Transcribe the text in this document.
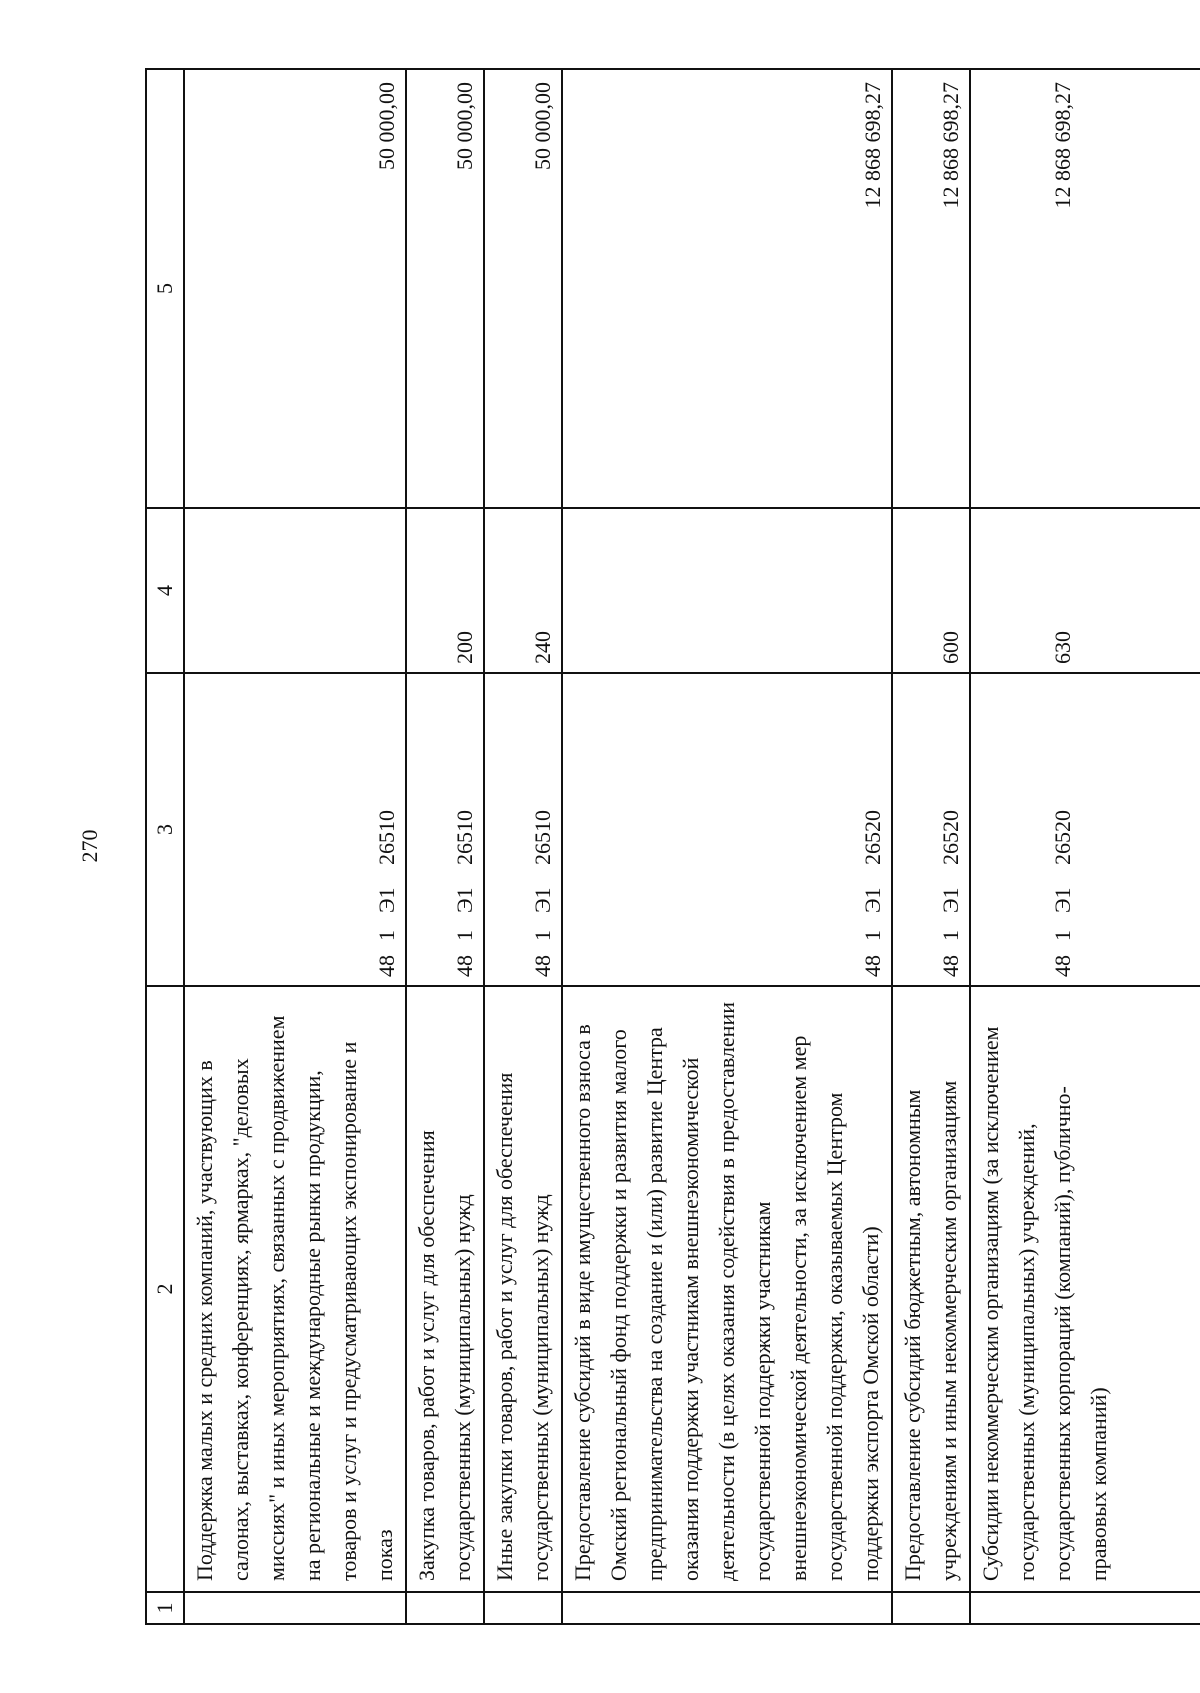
270
1	2	3	4	5
	Поддержка малых и средних компаний, участвующих в салонах, выставках, конференциях, ярмарках, "деловых миссиях" и иных мероприятиях, связанных с продвижением на региональные и международные рынки продукции, товаров и услуг и предусматривающих экспонирование и показ	481Э126510		50 000,00
	Закупка товаров, работ и услуг для обеспечения государственных (муниципальных) нужд	481Э126510	200	50 000,00
	Иные закупки товаров, работ и услуг для обеспечения государственных (муниципальных) нужд	481Э126510	240	50 000,00
	Предоставление субсидий в виде имущественного взноса в Омский региональный фонд поддержки и развития малого предпринимательства на создание и (или) развитие Центра оказания поддержки участникам внешнеэкономической деятельности (в целях оказания содействия в предоставлении государственной поддержки участникам внешнеэкономической деятельности, за исключением мер государственной поддержки, оказываемых Центром поддержки экспорта Омской области)	481Э126520		12 868 698,27
	Предоставление субсидий бюджетным, автономным учреждениям и иным некоммерческим организациям	481Э126520	600	12 868 698,27
	Субсидии некоммерческим организациям (за исключением государственных (муниципальных) учреждений, государственных корпораций (компаний), публично-правовых компаний)	481Э126520	630	12 868 698,27
